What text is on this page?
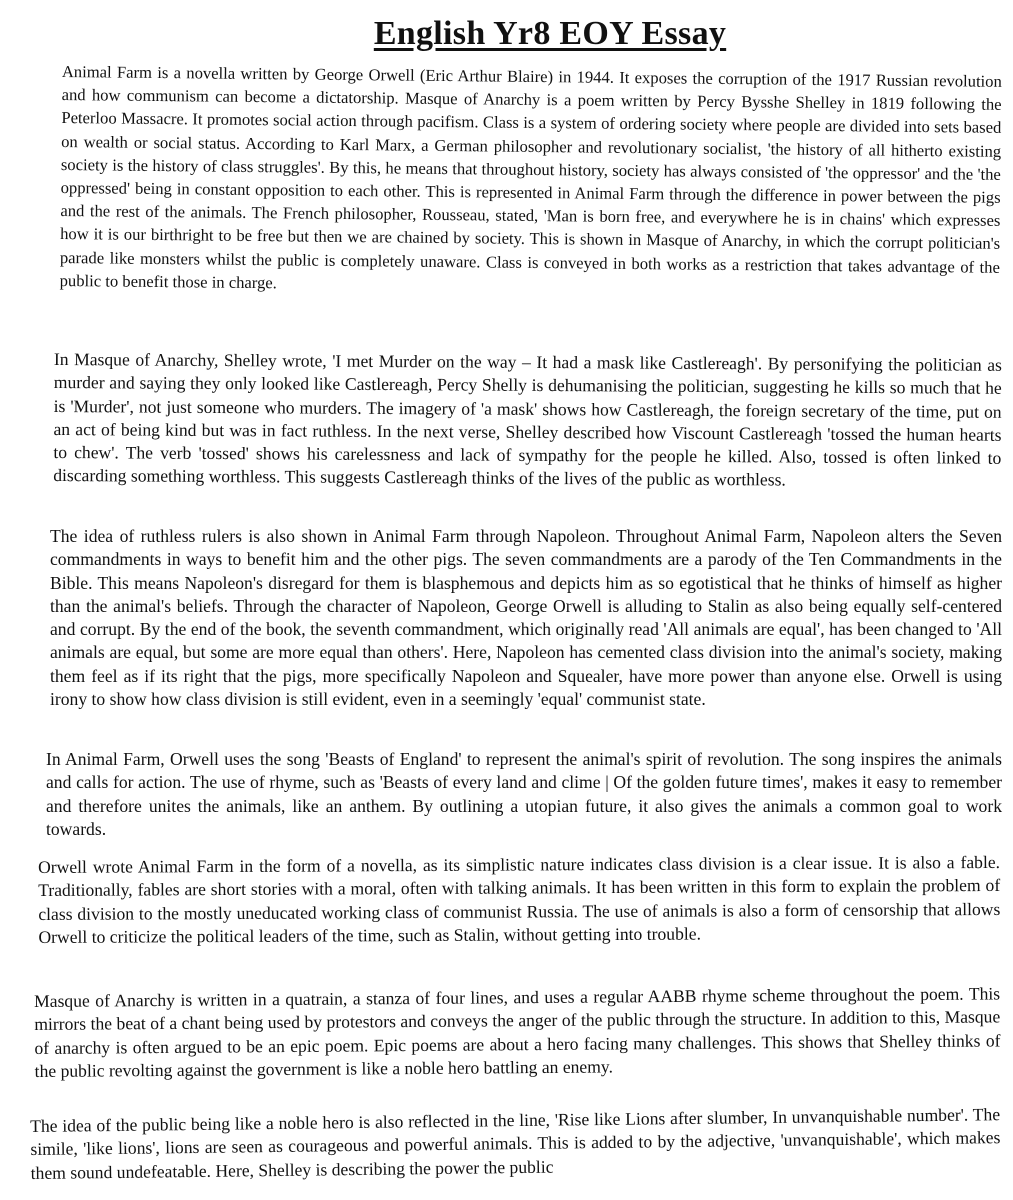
English Yr8 EOY Essay

Animal Farm is a novella written by George Orwell (Eric Arthur Blaire) in 1944. It exposes the corruption of the 1917 Russian revolution and how communism can become a dictatorship. Masque of Anarchy is a poem written by Percy Bysshe Shelley in 1819 following the Peterloo Massacre. It promotes social action through pacifism. Class is a system of ordering society where people are divided into sets based on wealth or social status. According to Karl Marx, a German philosopher and revolutionary socialist, 'the history of all hitherto existing society is the history of class struggles'. By this, he means that throughout history, society has always consisted of 'the oppressor' and the 'the oppressed' being in constant opposition to each other. This is represented in Animal Farm through the difference in power between the pigs and the rest of the animals. The French philosopher, Rousseau, stated, 'Man is born free, and everywhere he is in chains' which expresses how it is our birthright to be free but then we are chained by society. This is shown in Masque of Anarchy, in which the corrupt politician's parade like monsters whilst the public is completely unaware. Class is conveyed in both works as a restriction that takes advantage of the public to benefit those in charge.

In Masque of Anarchy, Shelley wrote, 'I met Murder on the way – It had a mask like Castlereagh'. By personifying the politician as murder and saying they only looked like Castlereagh, Percy Shelly is dehumanising the politician, suggesting he kills so much that he is 'Murder', not just someone who murders. The imagery of 'a mask' shows how Castlereagh, the foreign secretary of the time, put on an act of being kind but was in fact ruthless. In the next verse, Shelley described how Viscount Castlereagh 'tossed the human hearts to chew'. The verb 'tossed' shows his carelessness and lack of sympathy for the people he killed. Also, tossed is often linked to discarding something worthless. This suggests Castlereagh thinks of the lives of the public as worthless.

The idea of ruthless rulers is also shown in Animal Farm through Napoleon. Throughout Animal Farm, Napoleon alters the Seven commandments in ways to benefit him and the other pigs. The seven commandments are a parody of the Ten Commandments in the Bible. This means Napoleon's disregard for them is blasphemous and depicts him as so egotistical that he thinks of himself as higher than the animal's beliefs. Through the character of Napoleon, George Orwell is alluding to Stalin as also being equally self-centered and corrupt. By the end of the book, the seventh commandment, which originally read 'All animals are equal', has been changed to 'All animals are equal, but some are more equal than others'. Here, Napoleon has cemented class division into the animal's society, making them feel as if its right that the pigs, more specifically Napoleon and Squealer, have more power than anyone else. Orwell is using irony to show how class division is still evident, even in a seemingly 'equal' communist state.

In Animal Farm, Orwell uses the song 'Beasts of England' to represent the animal's spirit of revolution. The song inspires the animals and calls for action. The use of rhyme, such as 'Beasts of every land and clime | Of the golden future times', makes it easy to remember and therefore unites the animals, like an anthem. By outlining a utopian future, it also gives the animals a common goal to work towards.

Orwell wrote Animal Farm in the form of a novella, as its simplistic nature indicates class division is a clear issue. It is also a fable. Traditionally, fables are short stories with a moral, often with talking animals. It has been written in this form to explain the problem of class division to the mostly uneducated working class of communist Russia. The use of animals is also a form of censorship that allows Orwell to criticize the political leaders of the time, such as Stalin, without getting into trouble.

Masque of Anarchy is written in a quatrain, a stanza of four lines, and uses a regular AABB rhyme scheme throughout the poem. This mirrors the beat of a chant being used by protestors and conveys the anger of the public through the structure. In addition to this, Masque of anarchy is often argued to be an epic poem. Epic poems are about a hero facing many challenges. This shows that Shelley thinks of the public revolting against the government is like a noble hero battling an enemy.

The idea of the public being like a noble hero is also reflected in the line, 'Rise like Lions after slumber, In unvanquishable number'. The simile, 'like lions', lions are seen as courageous and powerful animals. This is added to by the adjective, 'unvanquishable', which makes them sound undefeatable. Here, Shelley is describing the power the public
